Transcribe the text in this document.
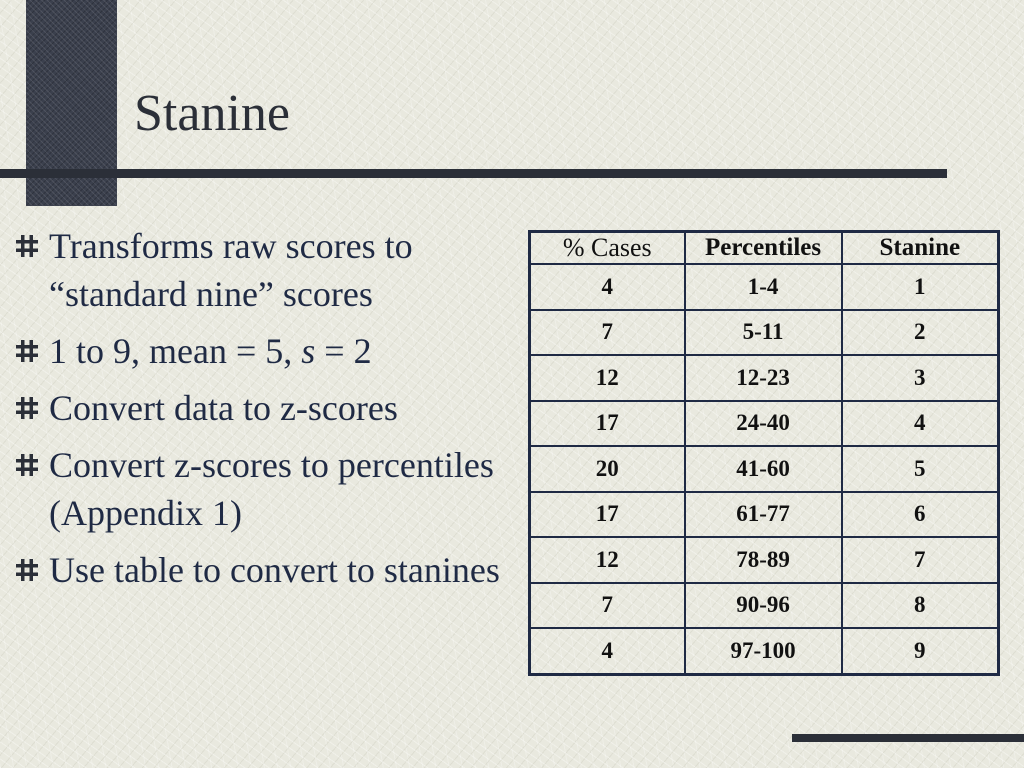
Stanine
Transforms raw scores to “standard nine” scores
1 to 9, mean = 5, s = 2
Convert data to z-scores
Convert z-scores to percentiles (Appendix 1)
Use table to convert to stanines
% Cases	Percentiles	Stanine
4	1-4	1
7	5-11	2
12	12-23	3
17	24-40	4
20	41-60	5
17	61-77	6
12	78-89	7
7	90-96	8
4	97-100	9
